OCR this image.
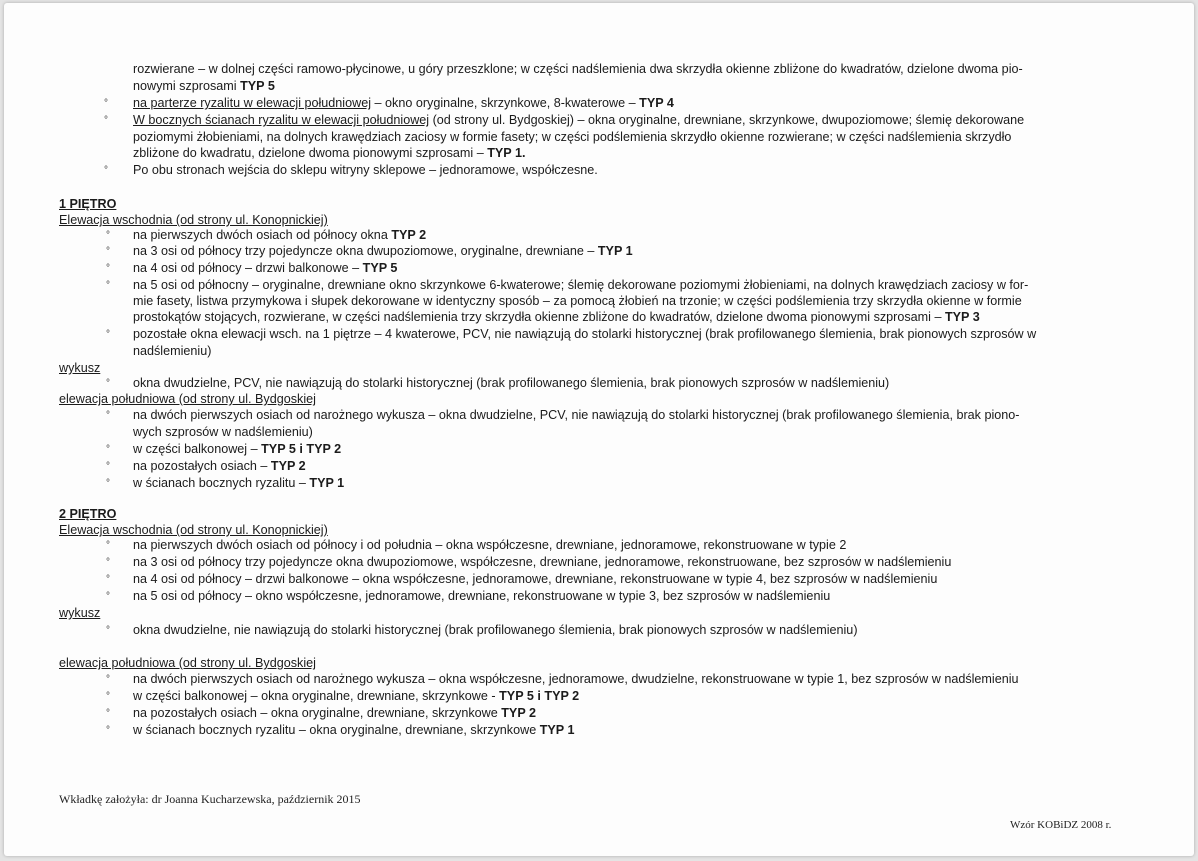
rozwierane – w dolnej części ramowo-płycinowe, u góry przeszklone; w części nadślemienia dwa skrzydła okienne zbliżone do kwadratów, dzielone dwoma pio-
nowymi szprosami TYP 5
° na parterze ryzalitu w elewacji południowej – okno oryginalne, skrzynkowe, 8-kwaterowe – TYP 4
° W bocznych ścianach ryzalitu w elewacji południowej (od strony ul. Bydgoskiej) – okna oryginalne, drewniane, skrzynkowe, dwupoziomowe; ślemię dekorowane
poziomymi żłobieniami, na dolnych krawędziach zaciosy w formie fasety; w części podślemienia skrzydło okienne rozwierane; w części nadślemienia skrzydło
zbliżone do kwadratu, dzielone dwoma pionowymi szprosami – TYP 1.
° Po obu stronach wejścia do sklepu witryny sklepowe – jednoramowe, współczesne.
1 PIĘTRO
Elewacja wschodnia (od strony ul. Konopnickiej)
° na pierwszych dwóch osiach od północy okna TYP 2
° na 3 osi od północy trzy pojedyncze okna dwupoziomowe, oryginalne, drewniane – TYP 1
° na 4 osi od północy – drzwi balkonowe – TYP 5
° na 5 osi od północny – oryginalne, drewniane okno skrzynkowe 6-kwaterowe; ślemię dekorowane poziomymi żłobieniami, na dolnych krawędziach zaciosy w for-
mie fasety, listwa przymykowa i słupek dekorowane w identyczny sposób – za pomocą żłobień na trzonie; w części podślemienia trzy skrzydła okienne w formie
prostokątów stojących, rozwierane, w części nadślemienia trzy skrzydła okienne zbliżone do kwadratów, dzielone dwoma pionowymi szprosami – TYP 3
° pozostałe okna elewacji wsch. na 1 piętrze – 4 kwaterowe, PCV, nie nawiązują do stolarki historycznej (brak profilowanego ślemienia, brak pionowych szprosów w
nadślemieniu)
wykusz
° okna dwudzielne, PCV, nie nawiązują do stolarki historycznej (brak profilowanego ślemienia, brak pionowych szprosów w nadślemieniu)
elewacja południowa (od strony ul. Bydgoskiej
° na dwóch pierwszych osiach od narożnego wykusza – okna dwudzielne, PCV, nie nawiązują do stolarki historycznej (brak profilowanego ślemienia, brak piono-
wych szprosów w nadślemieniu)
° w części balkonowej – TYP 5 i TYP 2
° na pozostałych osiach – TYP 2
° w ścianach bocznych ryzalitu – TYP 1
2 PIĘTRO
Elewacja wschodnia (od strony ul. Konopnickiej)
° na pierwszych dwóch osiach od północy i od południa – okna współczesne, drewniane, jednoramowe, rekonstruowane w typie 2
° na 3 osi od północy trzy pojedyncze okna dwupoziomowe, współczesne, drewniane, jednoramowe, rekonstruowane, bez szprosów w nadślemieniu
° na 4 osi od północy – drzwi balkonowe – okna współczesne, jednoramowe, drewniane, rekonstruowane w typie 4, bez szprosów w nadślemieniu
° na 5 osi od północy – okno współczesne, jednoramowe, drewniane, rekonstruowane w typie 3, bez szprosów w nadślemieniu
wykusz
° okna dwudzielne, nie nawiązują do stolarki historycznej (brak profilowanego ślemienia, brak pionowych szprosów w nadślemieniu)
elewacja południowa (od strony ul. Bydgoskiej
° na dwóch pierwszych osiach od narożnego wykusza – okna współczesne, jednoramowe, dwudzielne, rekonstruowane w typie 1, bez szprosów w nadślemieniu
° w części balkonowej – okna oryginalne, drewniane, skrzynkowe - TYP 5 i TYP 2
° na pozostałych osiach – okna oryginalne, drewniane, skrzynkowe TYP 2
° w ścianach bocznych ryzalitu – okna oryginalne, drewniane, skrzynkowe TYP 1
Wkładkę założyła: dr Joanna Kucharzewska, październik 2015
Wzór KOBiDZ 2008 r.
